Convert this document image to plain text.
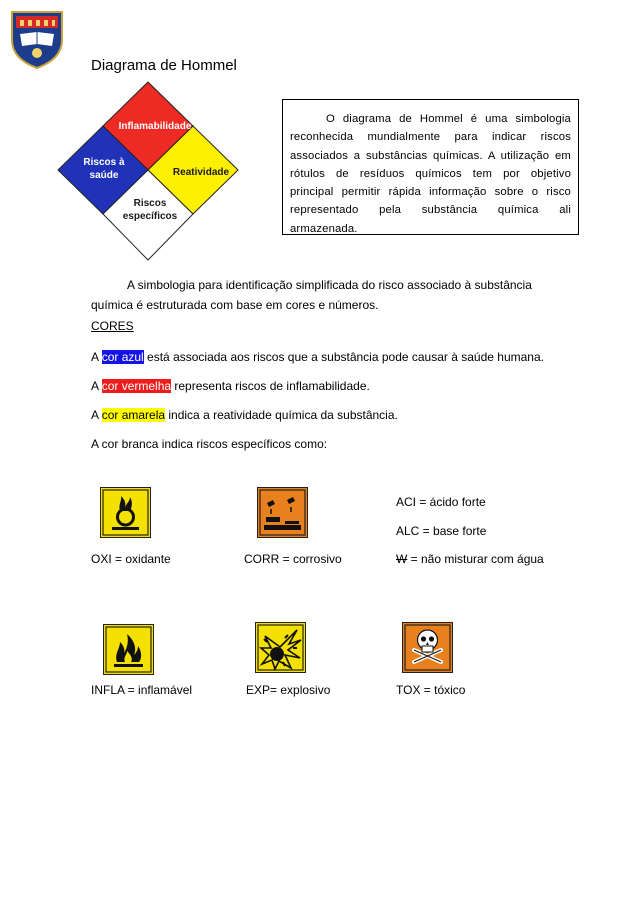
Diagrama de Hommel
Inflamabilidade
Riscos à
saúde	Reatividade
Riscos
específicos

O diagrama de Hommel é uma simbologia reconhecida mundialmente para indicar riscos associados a substâncias químicas. A utilização em rótulos de resíduos químicos tem por objetivo principal permitir rápida informação sobre o risco representado pela substância química ali armazenada.

A simbologia para identificação simplificada do risco associado à substância
química é estruturada com base em cores e números.
CORES
A cor azul está associada aos riscos que a substância pode causar à saúde humana.
A cor vermelha representa riscos de inflamabilidade.
A cor amarela indica a reatividade química da substância.
A cor branca indica riscos específicos como:
ACI = ácido forte
ALC = base forte
OXI = oxidante	CORR = corrosivo	W = não misturar com água
INFLA = inflamável	EXP= explosivo	TOX = tóxico
